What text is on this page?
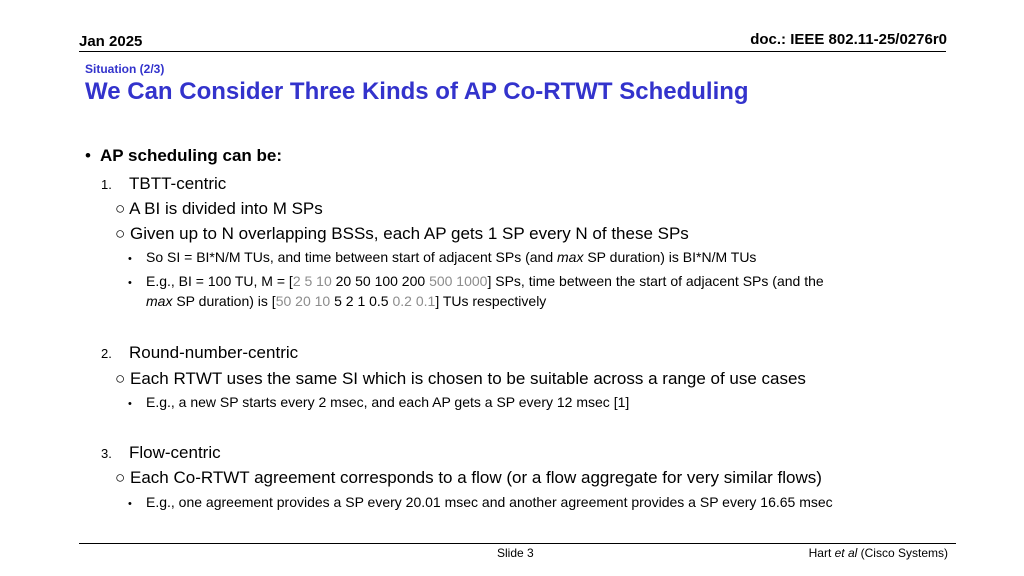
Jan 2025	doc.: IEEE 802.11-25/0276r0
Situation (2/3)
We Can Consider Three Kinds of AP Co-RTWT Scheduling
• AP scheduling can be:
1. TBTT-centric
○ A BI is divided into M SPs
○ Given up to N overlapping BSSs, each AP gets 1 SP every N of these SPs
• So SI = BI*N/M TUs, and time between start of adjacent SPs (and max SP duration) is BI*N/M TUs
• E.g., BI = 100 TU, M = [2 5 10 20 50 100 200 500 1000] SPs, time between the start of adjacent SPs (and the
max SP duration) is [50 20 10 5 2 1 0.5 0.2 0.1] TUs respectively
2. Round-number-centric
○ Each RTWT uses the same SI which is chosen to be suitable across a range of use cases
• E.g., a new SP starts every 2 msec, and each AP gets a SP every 12 msec [1]
3. Flow-centric
○ Each Co-RTWT agreement corresponds to a flow (or a flow aggregate for very similar flows)
• E.g., one agreement provides a SP every 20.01 msec and another agreement provides a SP every 16.65 msec
Slide 3	Hart et al (Cisco Systems)
